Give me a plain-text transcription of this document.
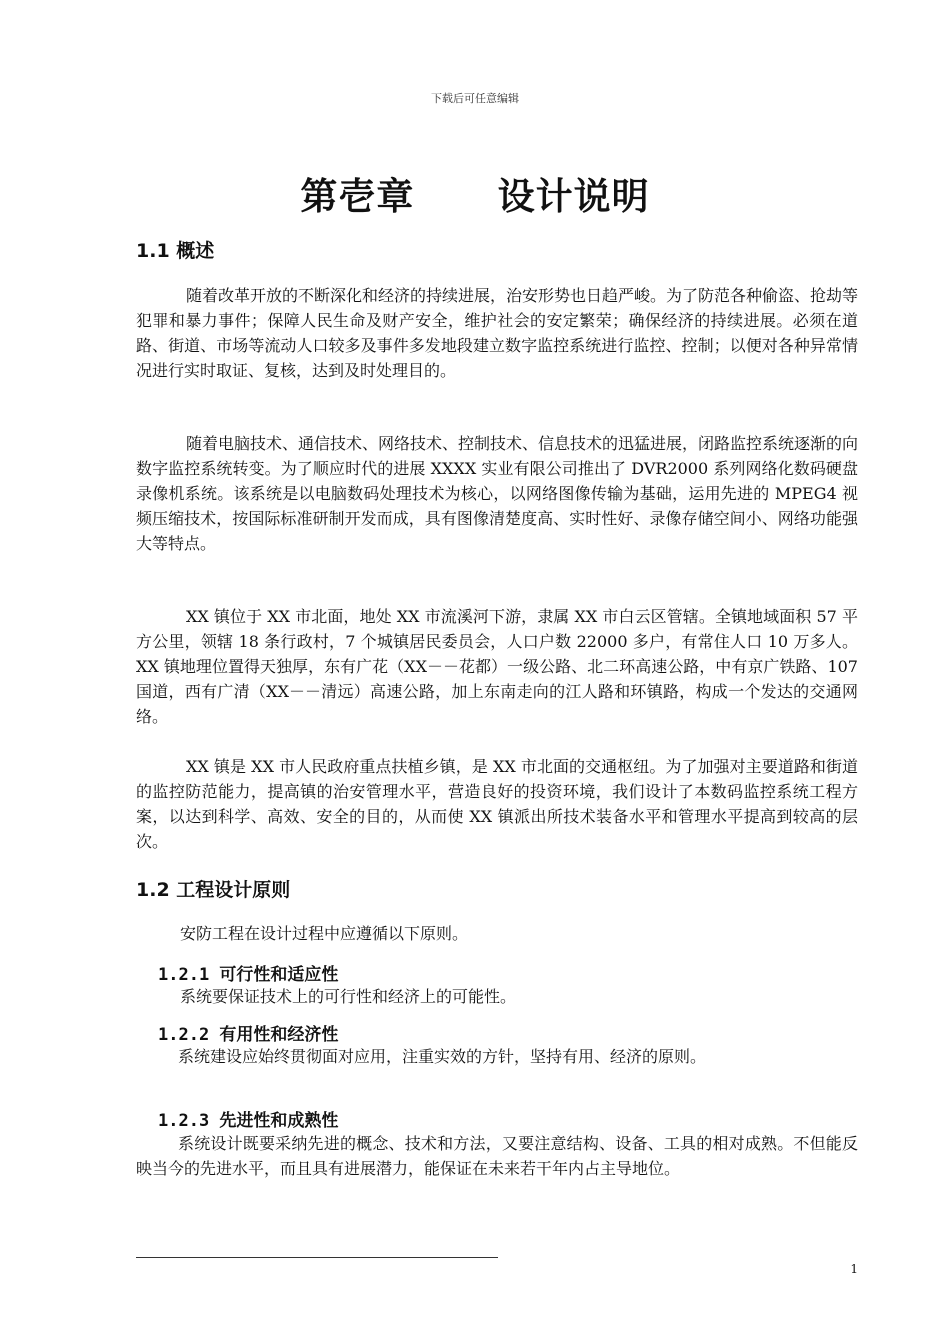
下载后可任意编辑
第壱章      设计说明
1.1 概述

随着改革开放的不断深化和经济的持续进展，治安形势也日趋严峻。为了防范各种偷盗、抢劫等犯罪和暴力事件；保障人民生命及财产安全，维护社会的安定繁荣；确保经济的持续进展。必须在道路、街道、市场等流动人口较多及事件多发地段建立数字监控系统进行监控、控制；以便对各种异常情况进行实时取证、复核，达到及时处理目的。

随着电脑技术、通信技术、网络技术、控制技术、信息技术的迅猛进展，闭路监控系统逐渐的向数字监控系统转变。为了顺应时代的进展 XXXX 实业有限公司推出了 DVR2000 系列网络化数码硬盘录像机系统。该系统是以电脑数码处理技术为核心，以网络图像传输为基础，运用先进的 MPEG4 视频压缩技术，按国际标准研制开发而成，具有图像清楚度高、实时性好、录像存储空间小、网络功能强大等特点。

XX 镇位于 XX 市北面，地处 XX 市流溪河下游，隶属 XX 市白云区管辖。全镇地域面积 57 平方公里，领辖 18 条行政村，7 个城镇居民委员会，人口户数 22000 多户，有常住人口 10 万多人。XX 镇地理位置得天独厚，东有广花（XX－－花都）一级公路、北二环高速公路，中有京广铁路、107 国道，西有广清（XX－－清远）高速公路，加上东南走向的江人路和环镇路，构成一个发达的交通网络。

XX 镇是 XX 市人民政府重点扶植乡镇，是 XX 市北面的交通枢纽。为了加强对主要道路和街道的监控防范能力，提高镇的治安管理水平，营造良好的投资环境，我们设计了本数码监控系统工程方案，以达到科学、高效、安全的目的，从而使 XX 镇派出所技术装备水平和管理水平提高到较高的层次。

1.2 工程设计原则

安防工程在设计过程中应遵循以下原则。

1.2.1 可行性和适应性

系统要保证技术上的可行性和经济上的可能性。

1.2.2 有用性和经济性

系统建设应始终贯彻面对应用，注重实效的方针，坚持有用、经济的原则。

1.2.3 先进性和成熟性

系统设计既要采纳先进的概念、技术和方法，又要注意结构、设备、工具的相对成熟。不但能反映当今的先进水平，而且具有进展潜力，能保证在未来若干年内占主导地位。

1
